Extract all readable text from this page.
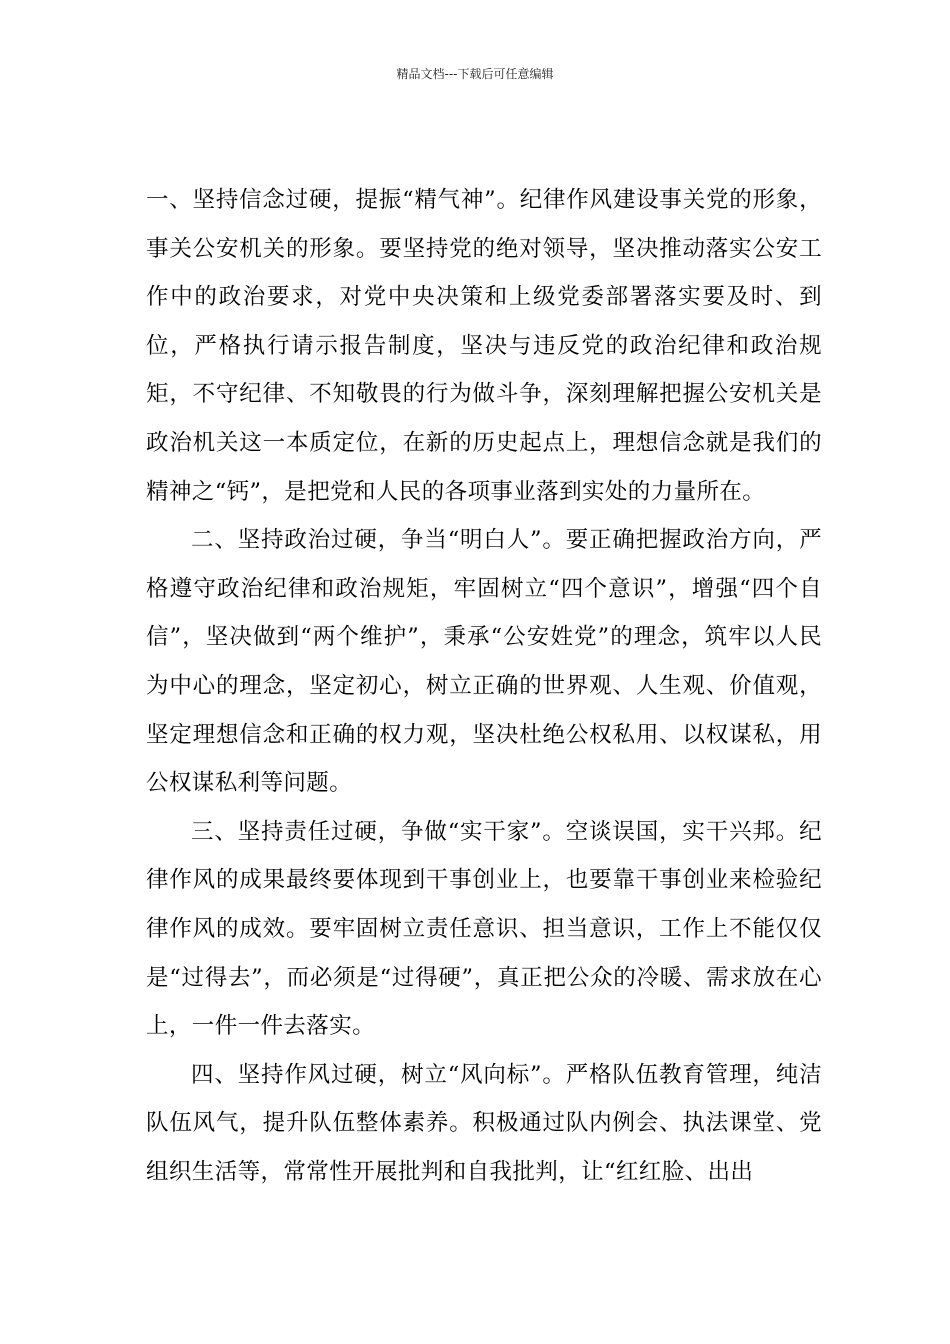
精品文档---下载后可任意编辑

一、坚持信念过硬，提振“精气神”。纪律作风建设事关党的形象，事关公安机关的形象。要坚持党的绝对领导，坚决推动落实公安工作中的政治要求，对党中央决策和上级党委部署落实要及时、到位，严格执行请示报告制度，坚决与违反党的政治纪律和政治规矩，不守纪律、不知敬畏的行为做斗争，深刻理解把握公安机关是政治机关这一本质定位，在新的历史起点上，理想信念就是我们的精神之“钙”，是把党和人民的各项事业落到实处的力量所在。

二、坚持政治过硬，争当“明白人”。要正确把握政治方向，严格遵守政治纪律和政治规矩，牢固树立“四个意识”，增强“四个自信”，坚决做到“两个维护”，秉承“公安姓党”的理念，筑牢以人民为中心的理念，坚定初心，树立正确的世界观、人生观、价值观，坚定理想信念和正确的权力观，坚决杜绝公权私用、以权谋私，用公权谋私利等问题。

三、坚持责任过硬，争做“实干家”。空谈误国，实干兴邦。纪律作风的成果最终要体现到干事创业上，也要靠干事创业来检验纪律作风的成效。要牢固树立责任意识、担当意识，工作上不能仅仅是“过得去”，而必须是“过得硬”，真正把公众的冷暖、需求放在心上，一件一件去落实。

四、坚持作风过硬，树立“风向标”。严格队伍教育管理，纯洁队伍风气，提升队伍整体素养。积极通过队内例会、执法课堂、党组织生活等，常常性开展批判和自我批判，让“红红脸、出出
